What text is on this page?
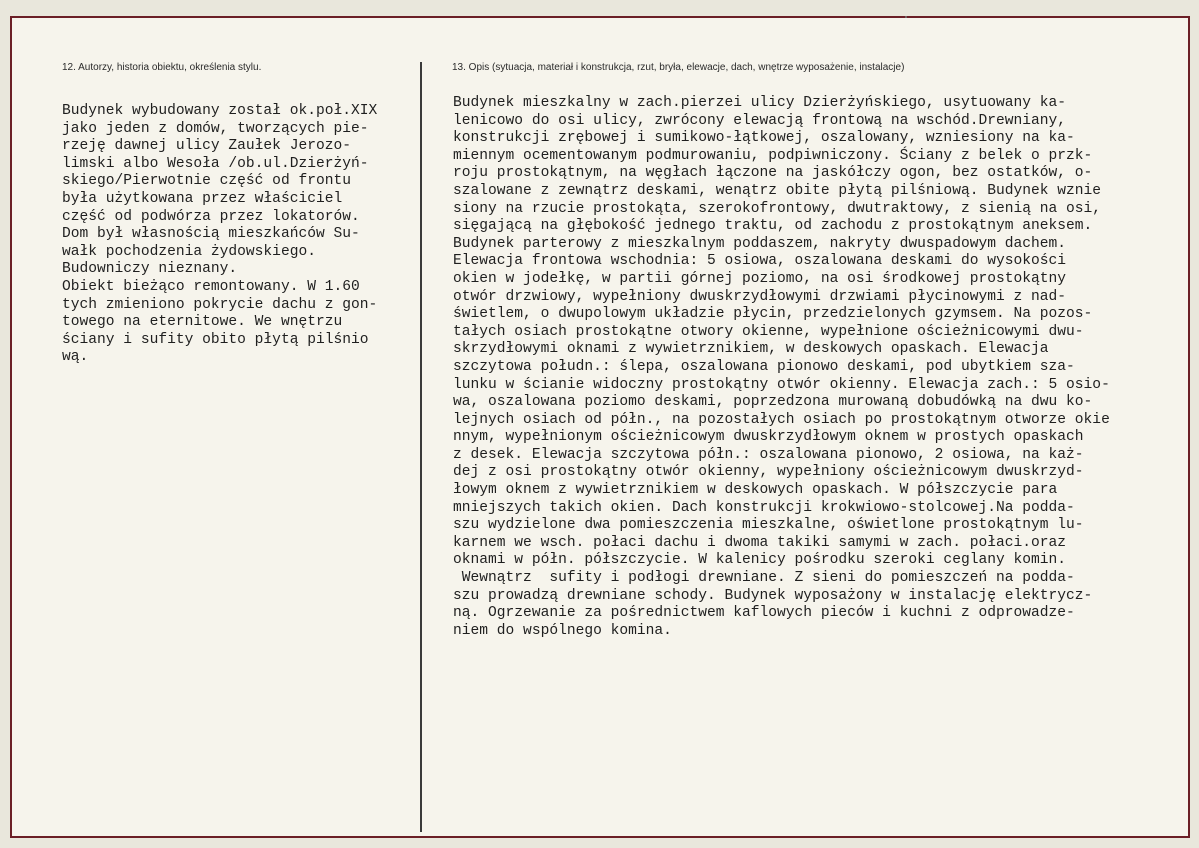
12. Autorzy, historia obiektu, określenia stylu.	13. Opis (sytuacja, materiał i konstrukcja, rzut, bryła, elewacje, dach, wnętrze wyposażenie, instalacje)
Budynek wybudowany został ok.poł.XIX
jako jeden z domów, tworzących pie-
rzeję dawnej ulicy Zaułek Jerozo-
limski albo Wesoła /ob.ul.Dzierżyń-
skiego/Pierwotnie część od frontu
była użytkowana przez właściciel
część od podwórza przez lokatorów.
Dom był własnością mieszkańców Su-
wałk pochodzenia żydowskiego.
Budowniczy nieznany.
Obiekt bieżąco remontowany. W 1.60
tych zmieniono pokrycie dachu z gon-
towego na eternitowe. We wnętrzu
ściany i sufity obito płytą pilśnio
wą.
Budynek mieszkalny w zach.pierzei ulicy Dzierżyńskiego, usytuowany ka-
lenicowo do osi ulicy, zwrócony elewacją frontową na wschód.Drewniany,
konstrukcji zrębowej i sumikowo-łątkowej, oszalowany, wzniesiony na ka-
miennym ocementowanym podmurowaniu, podpiwniczony. Ściany z belek o przk-
roju prostokątnym, na węgłach łączone na jaskółczy ogon, bez ostatków, o-
szalowane z zewnątrz deskami, wenątrz obite płytą pilśniową. Budynek wznie
siony na rzucie prostokąta, szerokofrontowy, dwutraktowy, z sienią na osi,
sięgającą na głębokość jednego traktu, od zachodu z prostokątnym aneksem.
Budynek parterowy z mieszkalnym poddaszem, nakryty dwuspadowym dachem.
Elewacja frontowa wschodnia: 5 osiowa, oszalowana deskami do wysokości
okien w jodełkę, w partii górnej poziomo, na osi środkowej prostokątny
otwór drzwiowy, wypełniony dwuskrzydłowymi drzwiami płycinowymi z nad-
świetlem, o dwupolowym układzie płycin, przedzielonych gzymsem. Na pozos-
tałych osiach prostokątne otwory okienne, wypełnione ościeżnicowymi dwu-
skrzydłowymi oknami z wywietrznikiem, w deskowych opaskach. Elewacja
szczytowa połudn.: ślepa, oszalowana pionowo deskami, pod ubytkiem sza-
lunku w ścianie widoczny prostokątny otwór okienny. Elewacja zach.: 5 osio-
wa, oszalowana poziomo deskami, poprzedzona murowaną dobudówką na dwu ko-
lejnych osiach od półn., na pozostałych osiach po prostokątnym otworze okie
nnym, wypełnionym ościeżnicowym dwuskrzydłowym oknem w prostych opaskach
z desek. Elewacja szczytowa półn.: oszalowana pionowo, 2 osiowa, na każ-
dej z osi prostokątny otwór okienny, wypełniony ościeżnicowym dwuskrzyd-
łowym oknem z wywietrznikiem w deskowych opaskach. W półszczycie para
mniejszych takich okien. Dach konstrukcji krokwiowo-stolcowej.Na podda-
szu wydzielone dwa pomieszczenia mieszkalne, oświetlone prostokątnym lu-
karnem we wsch. połaci dachu i dwoma takiki samymi w zach. połaci.oraz
oknami w półn. półszczycie. W kalenicy pośrodku szeroki ceglany komin.
Wewnątrz  sufity i podłogi drewniane. Z sieni do pomieszczeń na podda-
szu prowadzą drewniane schody. Budynek wyposażony w instalację elektrycz-
ną. Ogrzewanie za pośrednictwem kaflowych pieców i kuchni z odprowadze-
niem do wspólnego komina.
